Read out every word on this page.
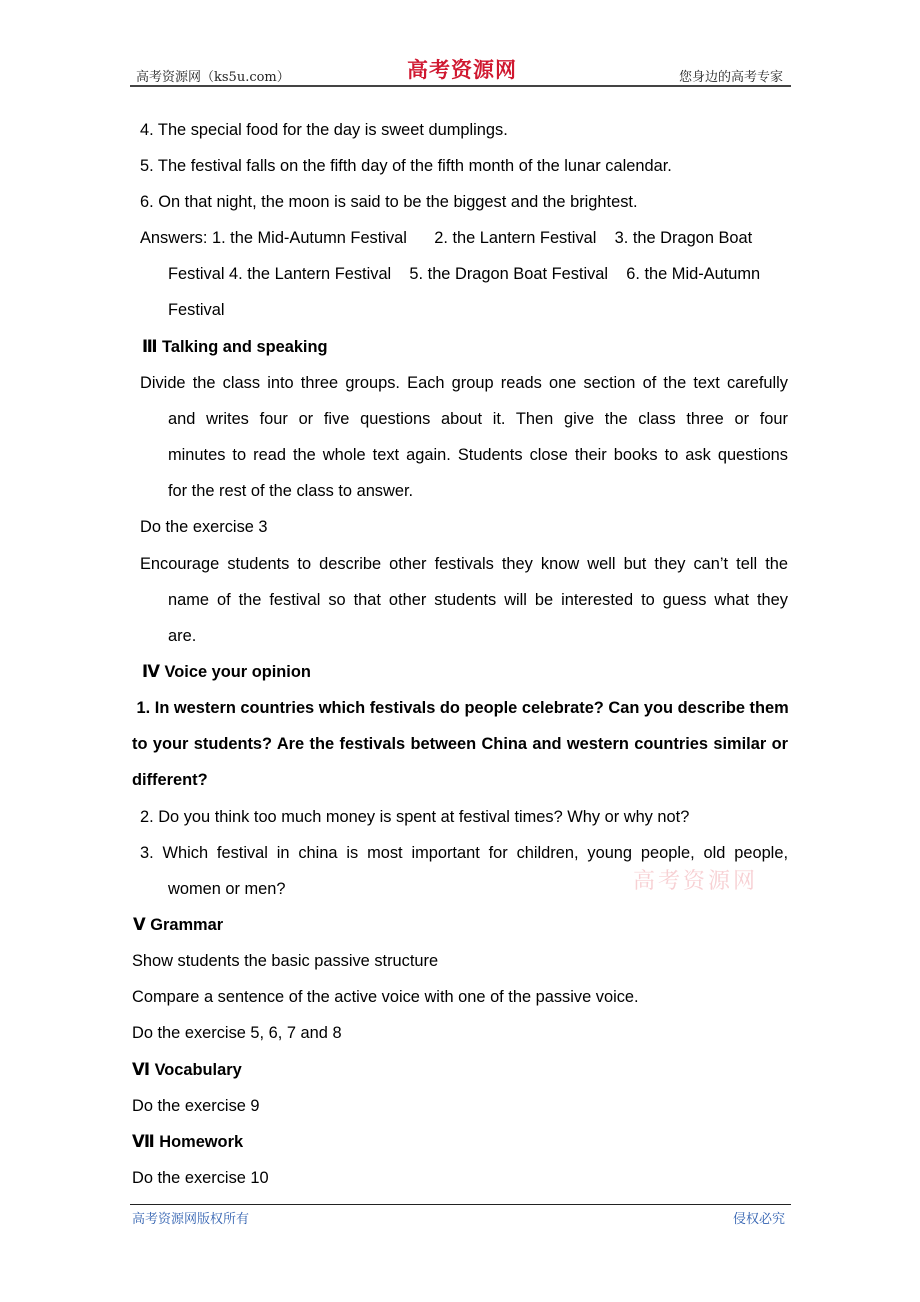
高考资源网（ks5u.com）	高考资源网	您身边的高考专家
4. The special food for the day is sweet dumplings.
5. The festival falls on the fifth day of the fifth month of the lunar calendar.
6. On that night, the moon is said to be the biggest and the brightest.
Answers: 1. the Mid-Autumn Festival      2. the Lantern Festival    3. the Dragon Boat
Festival 4. the Lantern Festival    5. the Dragon Boat Festival    6. the Mid-Autumn
Festival
Ⅲ Talking and speaking
Divide the class into three groups. Each group reads one section of the text carefully
and writes four or five questions about it. Then give the class three or four
minutes to read the whole text again. Students close their books to ask questions
for the rest of the class to answer.
Do the exercise 3
Encourage students to describe other festivals they know well but they can’t tell the
name of the festival so that other students will be interested to guess what they
are.
Ⅳ Voice your opinion
1. In western countries which festivals do people celebrate? Can you describe them
to your students? Are the festivals between China and western countries similar or
different?
2. Do you think too much money is spent at festival times? Why or why not?
3. Which festival in china is most important for children, young people, old people,
women or men?	高考资源网
Ⅴ Grammar
Show students the basic passive structure
Compare a sentence of the active voice with one of the passive voice.
Do the exercise 5, 6, 7 and 8
Ⅵ Vocabulary
Do the exercise 9
Ⅶ Homework
Do the exercise 10
高考资源网版权所有	侵权必究
